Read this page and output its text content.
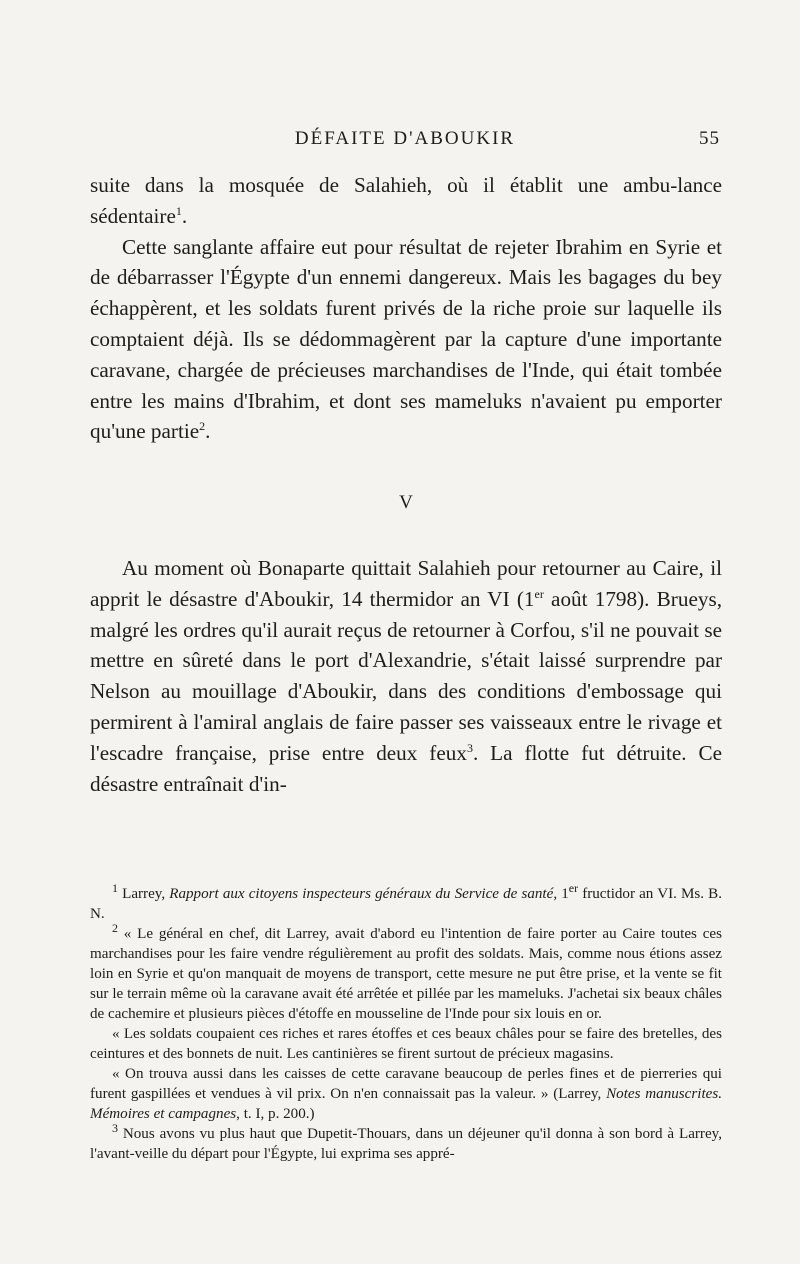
DÉFAITE D'ABOUKIR	55

suite dans la mosquée de Salahieh, où il établit une ambu-lance sédentaire$^1$.

Cette sanglante affaire eut pour résultat de rejeter Ibrahim en Syrie et de débarrasser l'Égypte d'un ennemi dangereux. Mais les bagages du bey échappèrent, et les soldats furent privés de la riche proie sur laquelle ils comptaient déjà. Ils se dédommagèrent par la capture d'une importante caravane, chargée de précieuses marchandises de l'Inde, qui était tombée entre les mains d'Ibrahim, et dont ses mameluks n'avaient pu emporter qu'une partie$^2$.

V

Au moment où Bonaparte quittait Salahieh pour retourner au Caire, il apprit le désastre d'Aboukir, 14 thermidor an VI (1er août 1798). Brueys, malgré les ordres qu'il aurait reçus de retourner à Corfou, s'il ne pouvait se mettre en sûreté dans le port d'Alexandrie, s'était laissé surprendre par Nelson au mouillage d'Aboukir, dans des conditions d'embossage qui permirent à l'amiral anglais de faire passer ses vaisseaux entre le rivage et l'escadre française, prise entre deux feux$^3$. La flotte fut détruite. Ce désastre entraînait d'in-

$^1$ Larrey, Rapport aux citoyens inspecteurs généraux du Service de santé, 1er fructidor an VI. Ms. B. N.

$^2$ « Le général en chef, dit Larrey, avait d'abord eu l'intention de faire porter au Caire toutes ces marchandises pour les faire vendre régulièrement au profit des soldats. Mais, comme nous étions assez loin en Syrie et qu'on manquait de moyens de transport, cette mesure ne put être prise, et la vente se fit sur le terrain même où la caravane avait été arrêtée et pillée par les mameluks. J'achetai six beaux châles de cachemire et plusieurs pièces d'étoffe en mousseline de l'Inde pour six louis en or.

« Les soldats coupaient ces riches et rares étoffes et ces beaux châles pour se faire des bretelles, des ceintures et des bonnets de nuit. Les cantinières se firent surtout de précieux magasins.

« On trouva aussi dans les caisses de cette caravane beaucoup de perles fines et de pierreries qui furent gaspillées et vendues à vil prix. On n'en connaissait pas la valeur. » (Larrey, Notes manuscrites. Mémoires et campagnes, t. I, p. 200.)

$^3$ Nous avons vu plus haut que Dupetit-Thouars, dans un déjeuner qu'il donna à son bord à Larrey, l'avant-veille du départ pour l'Égypte, lui exprima ses appré-
